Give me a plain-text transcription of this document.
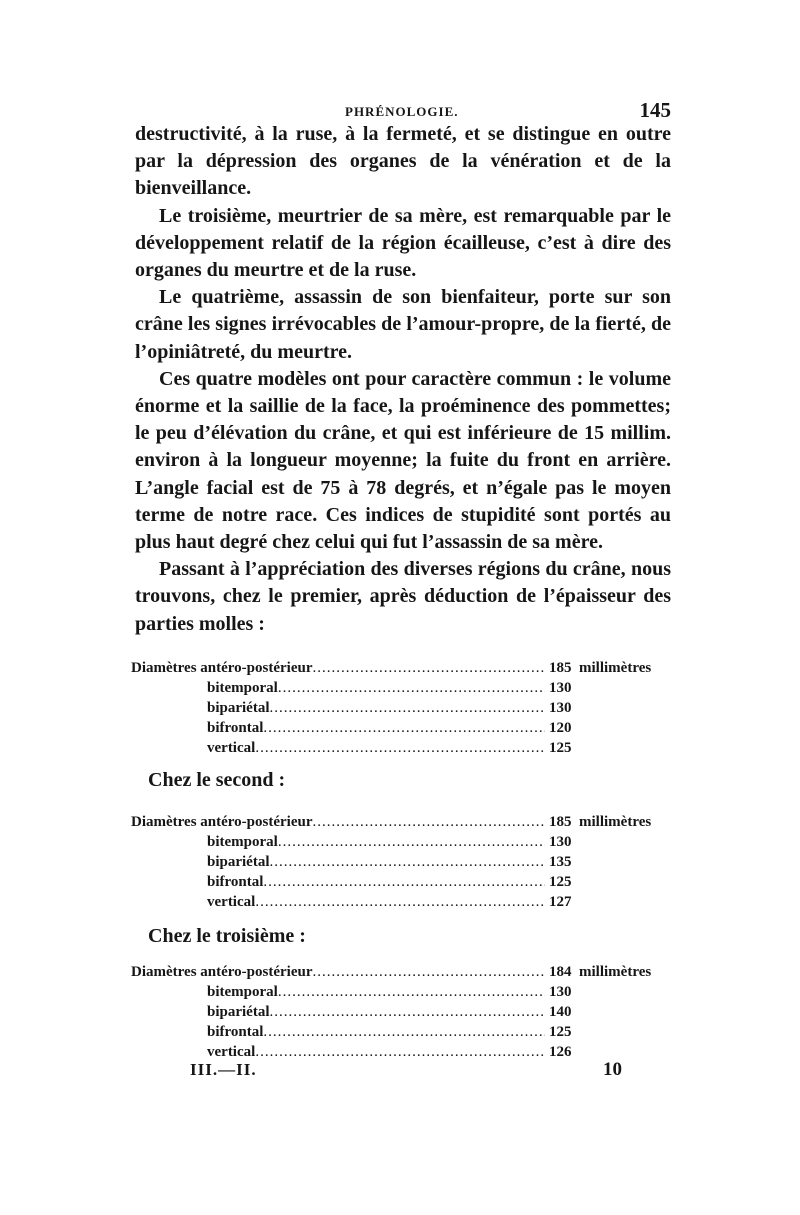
PHRÉNOLOGIE.	145

destructivité, à la ruse, à la fermeté, et se distingue en outre par la dépression des organes de la vénération et de la bienveillance.

Le troisième, meurtrier de sa mère, est remarquable par le développement relatif de la région écailleuse, c’est à dire des organes du meurtre et de la ruse.

Le quatrième, assassin de son bienfaiteur, porte sur son crâne les signes irrévocables de l’amour-propre, de la fierté, de l’opiniâtreté, du meurtre.

Ces quatre modèles ont pour caractère commun : le volume énorme et la saillie de la face, la proéminence des pommettes; le peu d’élévation du crâne, et qui est inférieure de 15 millim. environ à la longueur moyenne; la fuite du front en arrière. L’angle facial est de 75 à 78 degrés, et n’égale pas le moyen terme de notre race. Ces indices de stupidité sont portés au plus haut degré chez celui qui fut l’assassin de sa mère.

Passant à l’appréciation des diverses régions du crâne, nous trouvons, chez le premier, après déduction de l’épaisseur des parties molles :

Diamètres antéro-postérieur .....	185 millimètres
bitemporal .....	130
bipariétal .....	130
bifrontal .....	120
vertical .....	125
Chez le second :
Diamètres antéro-postérieur .....	185 millimètres
bitemporal .....	130
bipariétal .....	135
bifrontal .....	125
vertical .....	127
Chez le troisième :
Diamètres antéro-postérieur .....	184 millimètres
bitemporal .....	130
bipariétal .....	140
bifrontal .....	125
vertical .....	126
III.—II.	10
